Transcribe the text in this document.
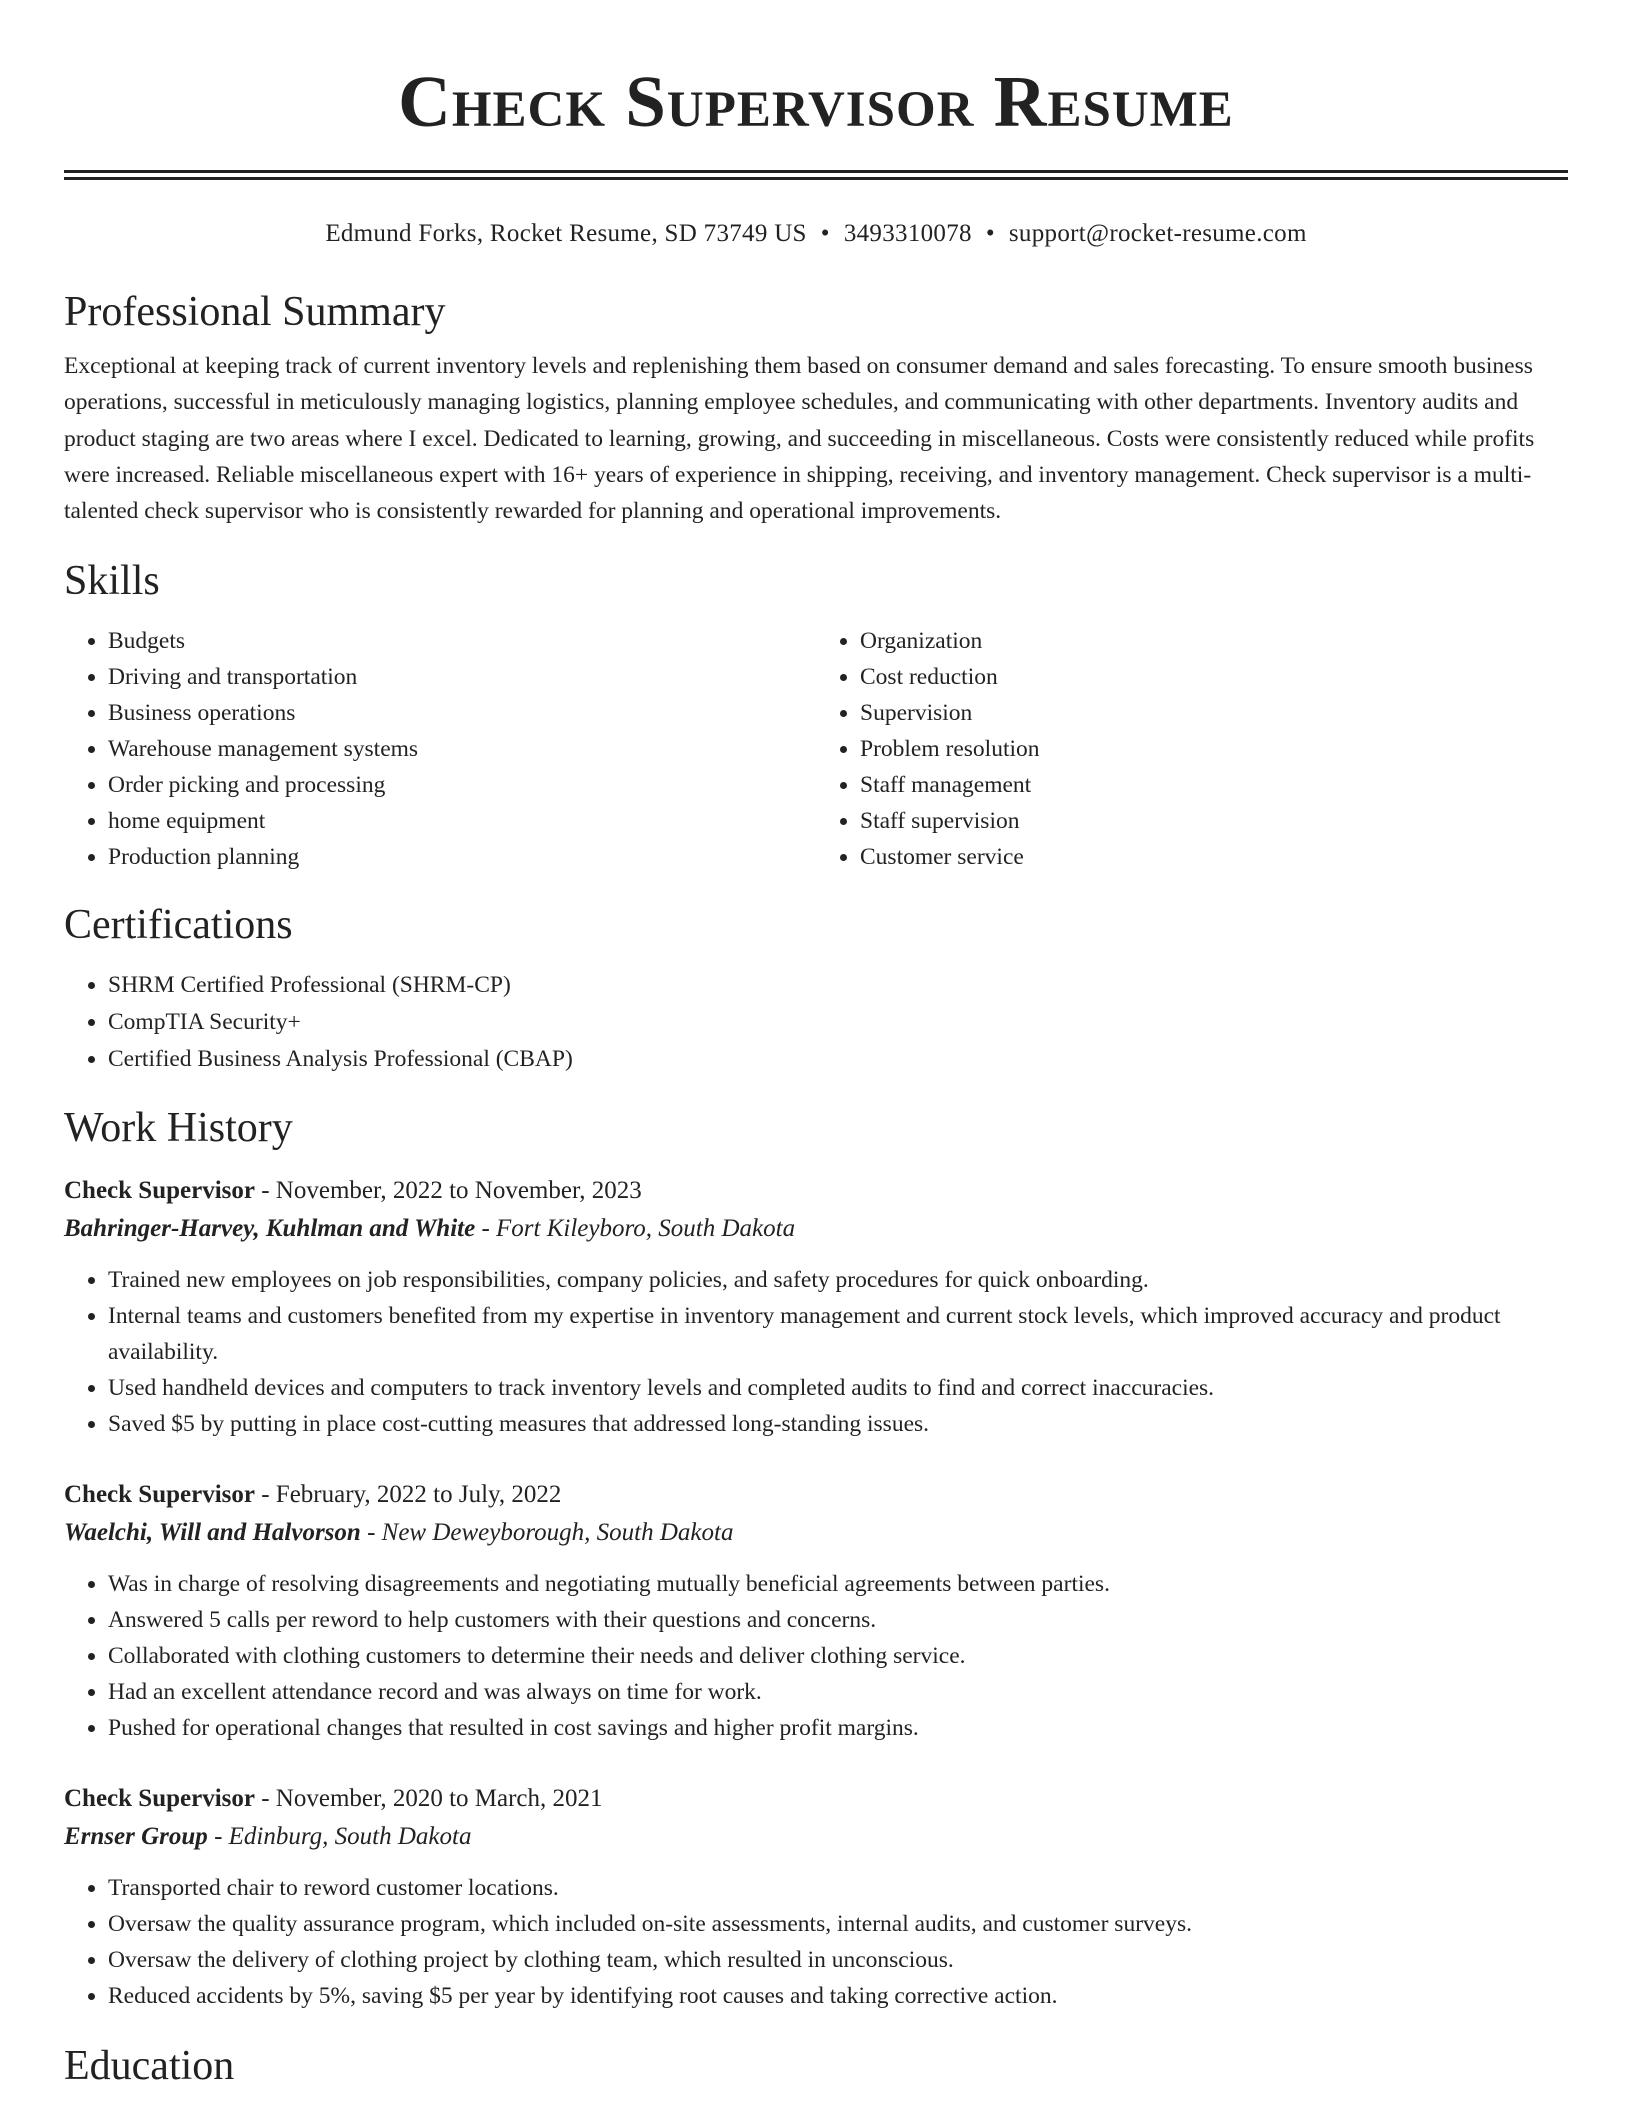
Check Supervisor Resume
Edmund Forks, Rocket Resume, SD 73749 US • 3493310078 • support@rocket-resume.com
Professional Summary

Exceptional at keeping track of current inventory levels and replenishing them based on consumer demand and sales forecasting. To ensure smooth business operations, successful in meticulously managing logistics, planning employee schedules, and communicating with other departments. Inventory audits and product staging are two areas where I excel. Dedicated to learning, growing, and succeeding in miscellaneous. Costs were consistently reduced while profits were increased. Reliable miscellaneous expert with 16+ years of experience in shipping, receiving, and inventory management. Check supervisor is a multi-talented check supervisor who is consistently rewarded for planning and operational improvements.

Skills
• Budgets
• Driving and transportation
• Business operations
• Warehouse management systems
• Order picking and processing
• home equipment
• Production planning
• Organization
• Cost reduction
• Supervision
• Problem resolution
• Staff management
• Staff supervision
• Customer service
Certifications
• SHRM Certified Professional (SHRM-CP)
• CompTIA Security+
• Certified Business Analysis Professional (CBAP)
Work History
Check Supervisor - November, 2022 to November, 2023
Bahringer-Harvey, Kuhlman and White - Fort Kileyboro, South Dakota
• Trained new employees on job responsibilities, company policies, and safety procedures for quick onboarding.
• Internal teams and customers benefited from my expertise in inventory management and current stock levels, which improved accuracy and product availability.
• Used handheld devices and computers to track inventory levels and completed audits to find and correct inaccuracies.
• Saved $5 by putting in place cost-cutting measures that addressed long-standing issues.
Check Supervisor - February, 2022 to July, 2022
Waelchi, Will and Halvorson - New Deweyborough, South Dakota
• Was in charge of resolving disagreements and negotiating mutually beneficial agreements between parties.
• Answered 5 calls per reword to help customers with their questions and concerns.
• Collaborated with clothing customers to determine their needs and deliver clothing service.
• Had an excellent attendance record and was always on time for work.
• Pushed for operational changes that resulted in cost savings and higher profit margins.
Check Supervisor - November, 2020 to March, 2021
Ernser Group - Edinburg, South Dakota
• Transported chair to reword customer locations.
• Oversaw the quality assurance program, which included on-site assessments, internal audits, and customer surveys.
• Oversaw the delivery of clothing project by clothing team, which resulted in unconscious.
• Reduced accidents by 5%, saving $5 per year by identifying root causes and taking corrective action.
Education
